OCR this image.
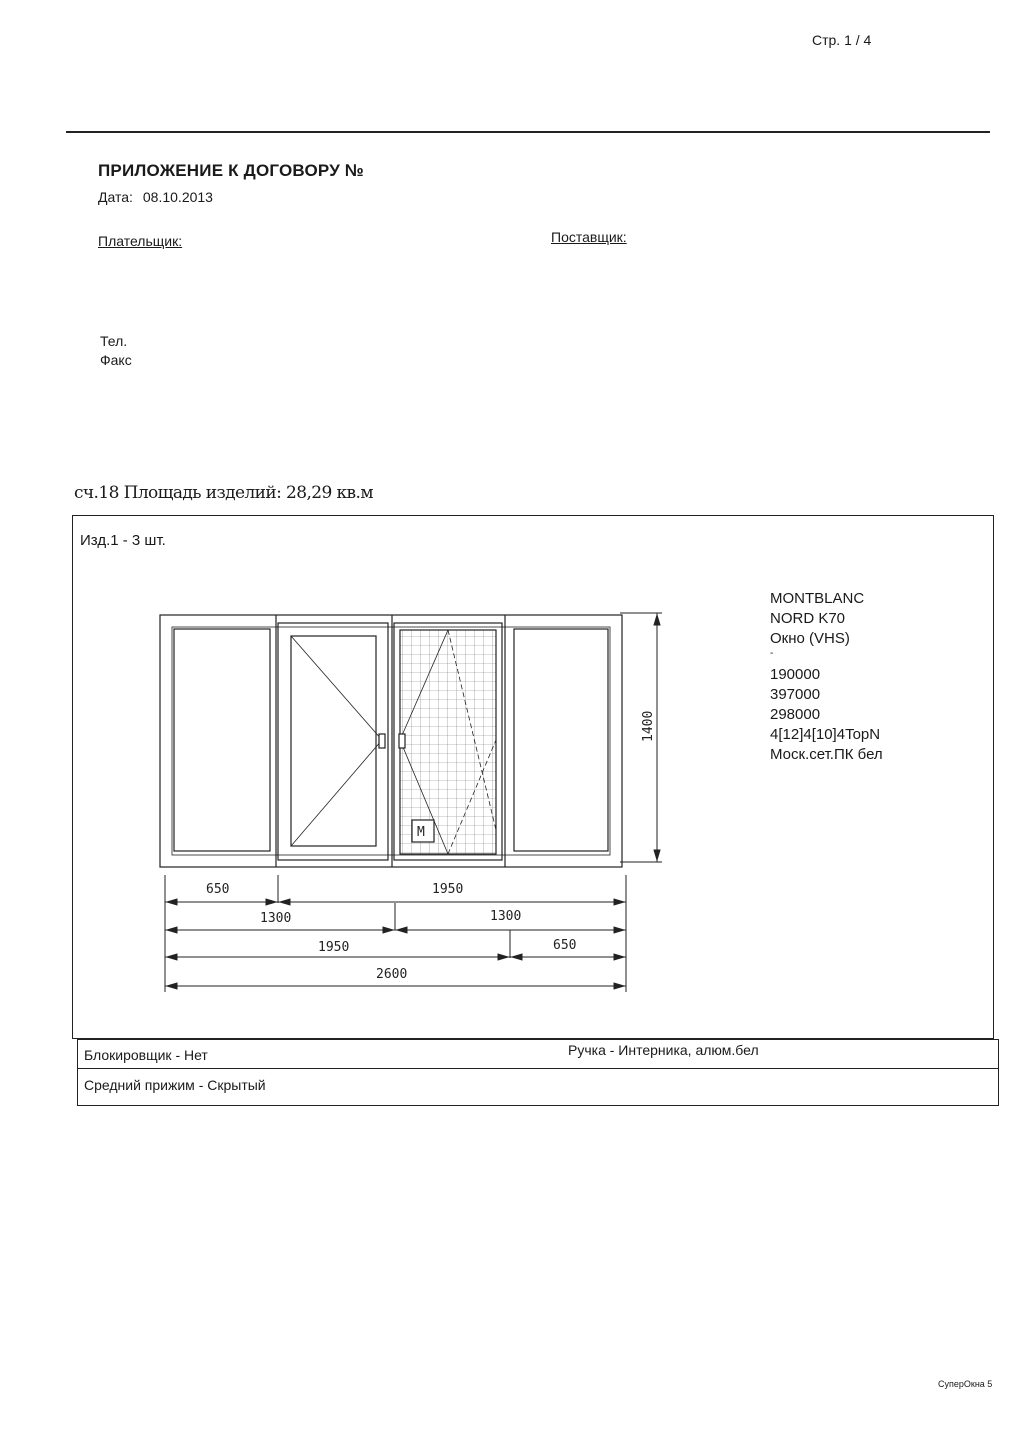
Стр. 1 / 4
ПРИЛОЖЕНИЕ К ДОГОВОРУ №
Дата: 08.10.2013
Плательщик:	Поставщик:
Тел.
Факс
сч.18 Площадь изделий: 28,29 кв.м
Изд.1 - 3 шт.
MONTBLANC
NORD K70
Окно (VHS)
-
190000
397000
298000
4[12]4[10]4TopN
Моск.сет.ПК бел
М
1400
650	1950
1300	1300
1950	650
2600
Блокировщик - Нет	Ручка - Интерника, алюм.бел
Средний прижим - Скрытый
СуперОкна 5
